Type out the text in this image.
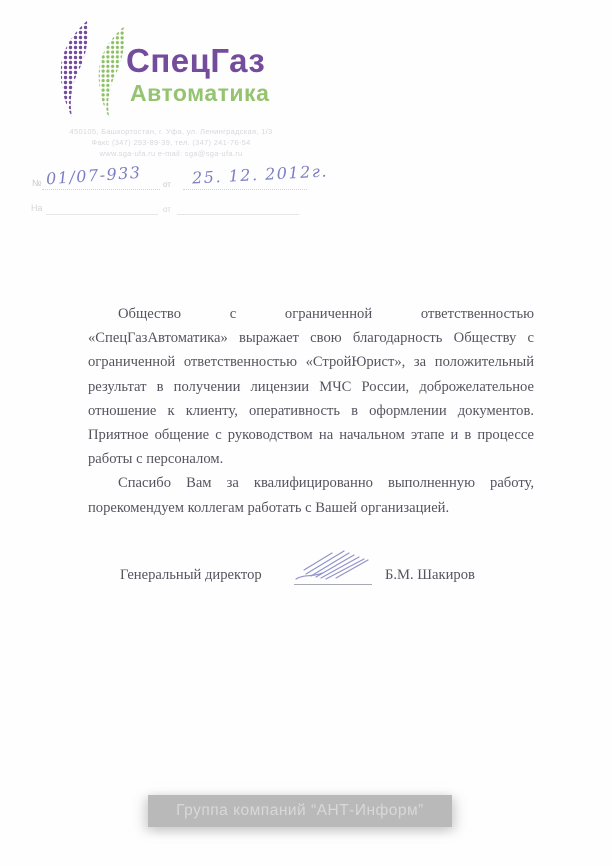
СпецГаз
Автоматика
450105, Башкортостан, г. Уфа, ул. Ленинградская, 1/3
Факс (347) 293-89-39, тел. (347) 241-76-54
www.sga-ufa.ru e-mail: sga@sga-ufa.ru
№ 01/07-933	от 25. 12. 2012г.
На	от

Общество с ограниченной ответственностью «СпецГазАвтоматика» выражает свою благодарность Обществу с ограниченной ответственностью «СтройЮрист», за положительный результат в получении лицензии МЧС России, доброжелательное отношение к клиенту, оперативность в оформлении документов. Приятное общение с руководством на начальном этапе и в процессе работы с персоналом.

Спасибо Вам за квалифицированно выполненную работу, порекомендуем коллегам работать с Вашей организацией.

Генеральный директор	Б.М. Шакиров
Группа компаний “АНТ-Информ”
